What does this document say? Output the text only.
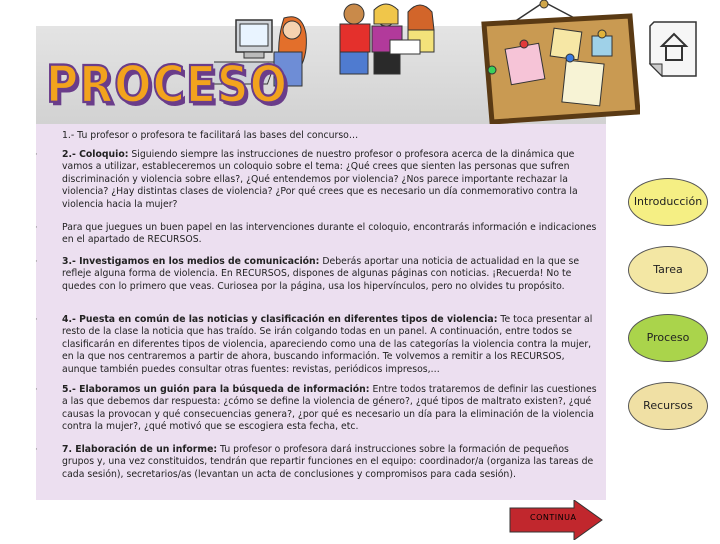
PROCESO
1.- Tu profesor o profesora te facilitará las bases del concurso…
·	2.- Coloquio: Siguiendo siempre las instrucciones de nuestro profesor o profesora acerca de la dinámica que vamos a utilizar, estableceremos un coloquio sobre el tema: ¿Qué crees que sienten las personas que sufren discriminación y violencia sobre ellas?, ¿Qué entendemos por violencia? ¿Nos parece importante rechazar la violencia? ¿Hay distintas clases de violencia? ¿Por qué crees que es necesario un día conmemorativo contra la violencia hacia la mujer?
·	Para que juegues un buen papel en las intervenciones durante el coloquio, encontrarás información e indicaciones en el apartado de RECURSOS.
·	3.- Investigamos en los medios de comunicación: Deberás aportar una noticia de actualidad en la que se refleje alguna forma de violencia. En RECURSOS, dispones de algunas páginas con noticias. ¡Recuerda! No te quedes con lo primero que veas. Curiosea por la página, usa los hipervínculos, pero no olvides tu propósito.
·	4.- Puesta en común de las noticias y clasificación en diferentes tipos de violencia: Te toca presentar al resto de la clase la noticia que has traído. Se irán colgando todas en un panel. A continuación, entre todos se clasificarán en diferentes tipos de violencia, apareciendo como una de las categorías la violencia contra la mujer, en la que nos centraremos a partir de ahora, buscando información. Te volvemos a remitir a los RECURSOS, aunque también puedes consultar otras fuentes: revistas, periódicos impresos,…
·	5.- Elaboramos un guión para la búsqueda de información: Entre todos trataremos de definir las cuestiones a las que debemos dar respuesta: ¿cómo se define la violencia de género?, ¿qué tipos de maltrato existen?, ¿qué causas la provocan y qué consecuencias genera?, ¿por qué es necesario un día para la eliminación de la violencia contra la mujer?, ¿qué motivó que se escogiera esta fecha, etc.
·	7. Elaboración de un informe: Tu profesor o profesora dará instrucciones sobre la formación de pequeños grupos y, una vez constituidos, tendrán que repartir funciones en el equipo: coordinador/a (organiza las tareas de cada sesión), secretarios/as (levantan un acta de conclusiones y compromisos para cada sesión).
Introducción
Tarea
Proceso
Recursos
CONTINUA
